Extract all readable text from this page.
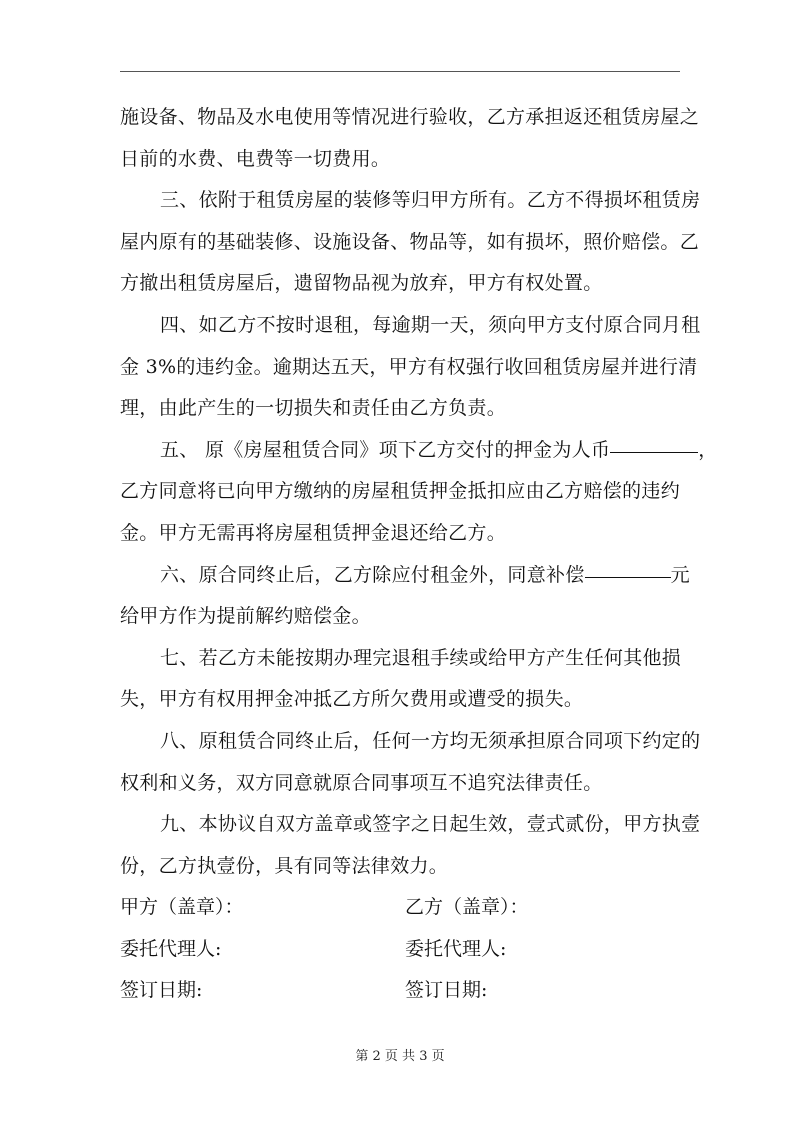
施设备、物品及水电使用等情况进行验收，乙方承担返还租赁房屋之

日前的水费、电费等一切费用。

三、依附于租赁房屋的装修等归甲方所有。乙方不得损坏租赁房

屋内原有的基础装修、设施设备、物品等，如有损坏，照价赔偿。乙

方撤出租赁房屋后，遗留物品视为放弃，甲方有权处置。

四、如乙方不按时退租，每逾期一天，须向甲方支付原合同月租

金 3%的违约金。逾期达五天，甲方有权强行收回租赁房屋并进行清

理，由此产生的一切损失和责任由乙方负责。

五、 原《房屋租赁合同》项下乙方交付的押金为人币	，

乙方同意将已向甲方缴纳的房屋租赁押金抵扣应由乙方赔偿的违约

金。甲方无需再将房屋租赁押金退还给乙方。

六、原合同终止后，乙方除应付租金外，同意补偿	元

给甲方作为提前解约赔偿金。

七、若乙方未能按期办理完退租手续或给甲方产生任何其他损

失，甲方有权用押金冲抵乙方所欠费用或遭受的损失。

八、原租赁合同终止后，任何一方均无须承担原合同项下约定的

权利和义务，双方同意就原合同事项互不追究法律责任。

九、本协议自双方盖章或签字之日起生效，壹式贰份，甲方执壹

份，乙方执壹份，具有同等法律效力。

甲方（盖章）：	乙方（盖章）：
委托代理人:	委托代理人:
签订日期:	签订日期:
第 2 页 共 3 页
